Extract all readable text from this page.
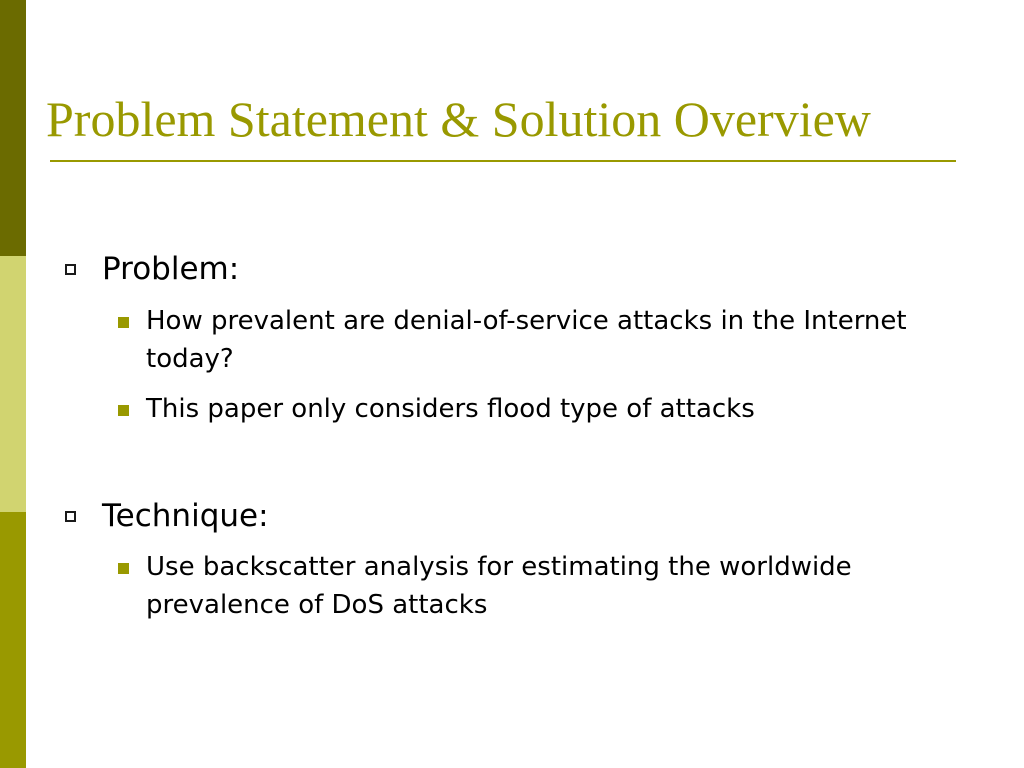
Problem Statement & Solution Overview
Problem:
How prevalent are denial-of-service attacks in the Internet today?
This paper only considers flood type of attacks
Technique:
Use backscatter analysis for estimating the worldwide prevalence of DoS attacks
